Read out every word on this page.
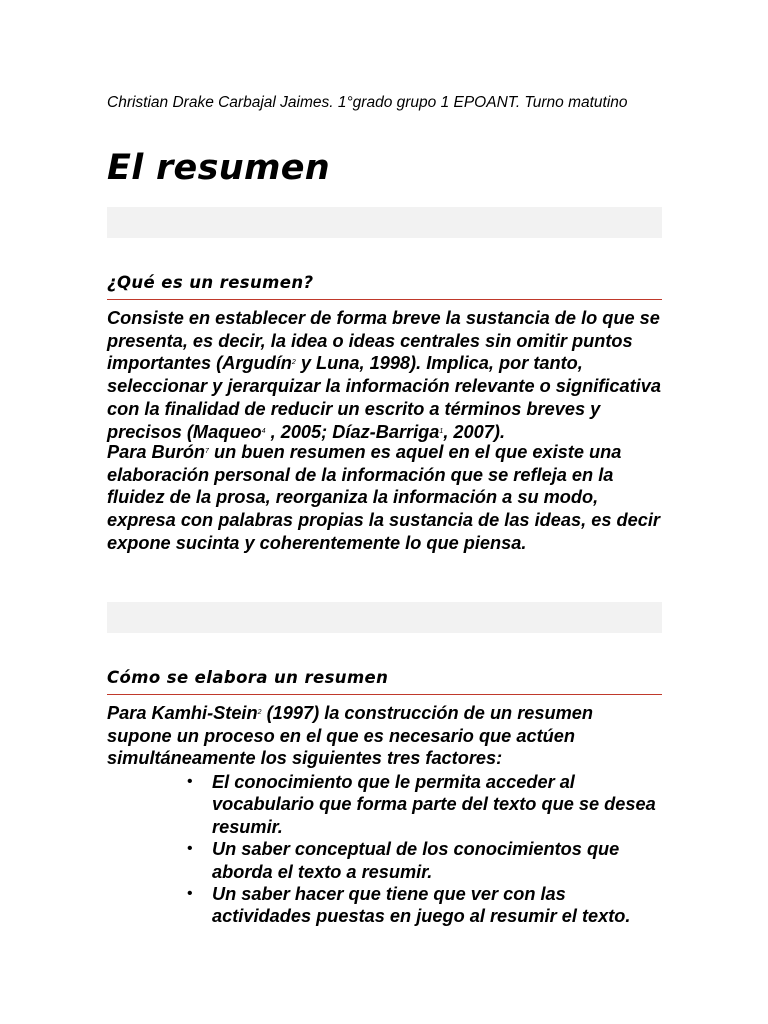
Christian Drake Carbajal Jaimes. 1°grado grupo 1 EPOANT. Turno matutino

El resumen
¿Qué es un resumen?

Consiste en establecer de forma breve la sustancia de lo que se presenta, es decir, la idea o ideas centrales sin omitir puntos importantes (Argudín$^2$ y Luna, 1998). Implica, por tanto, seleccionar y jerarquizar la información relevante o significativa con la finalidad de reducir un escrito a términos breves y precisos (Maqueo$^4$ , 2005; Díaz-Barriga$^1$, 2007).

Para Burón$^7$ un buen resumen es aquel en el que existe una elaboración personal de la información que se refleja en la fluidez de la prosa, reorganiza la información a su modo, expresa con palabras propias la sustancia de las ideas, es decir expone sucinta y coherentemente lo que piensa.

Cómo se elabora un resumen

Para Kamhi-Stein$^2$ (1997) la construcción de un resumen supone un proceso en el que es necesario que actúen simultáneamente los siguientes tres factores:

• El conocimiento que le permita acceder al vocabulario que forma parte del texto que se desea resumir.
• Un saber conceptual de los conocimientos que aborda el texto a resumir.
• Un saber hacer que tiene que ver con las actividades puestas en juego al resumir el texto.
